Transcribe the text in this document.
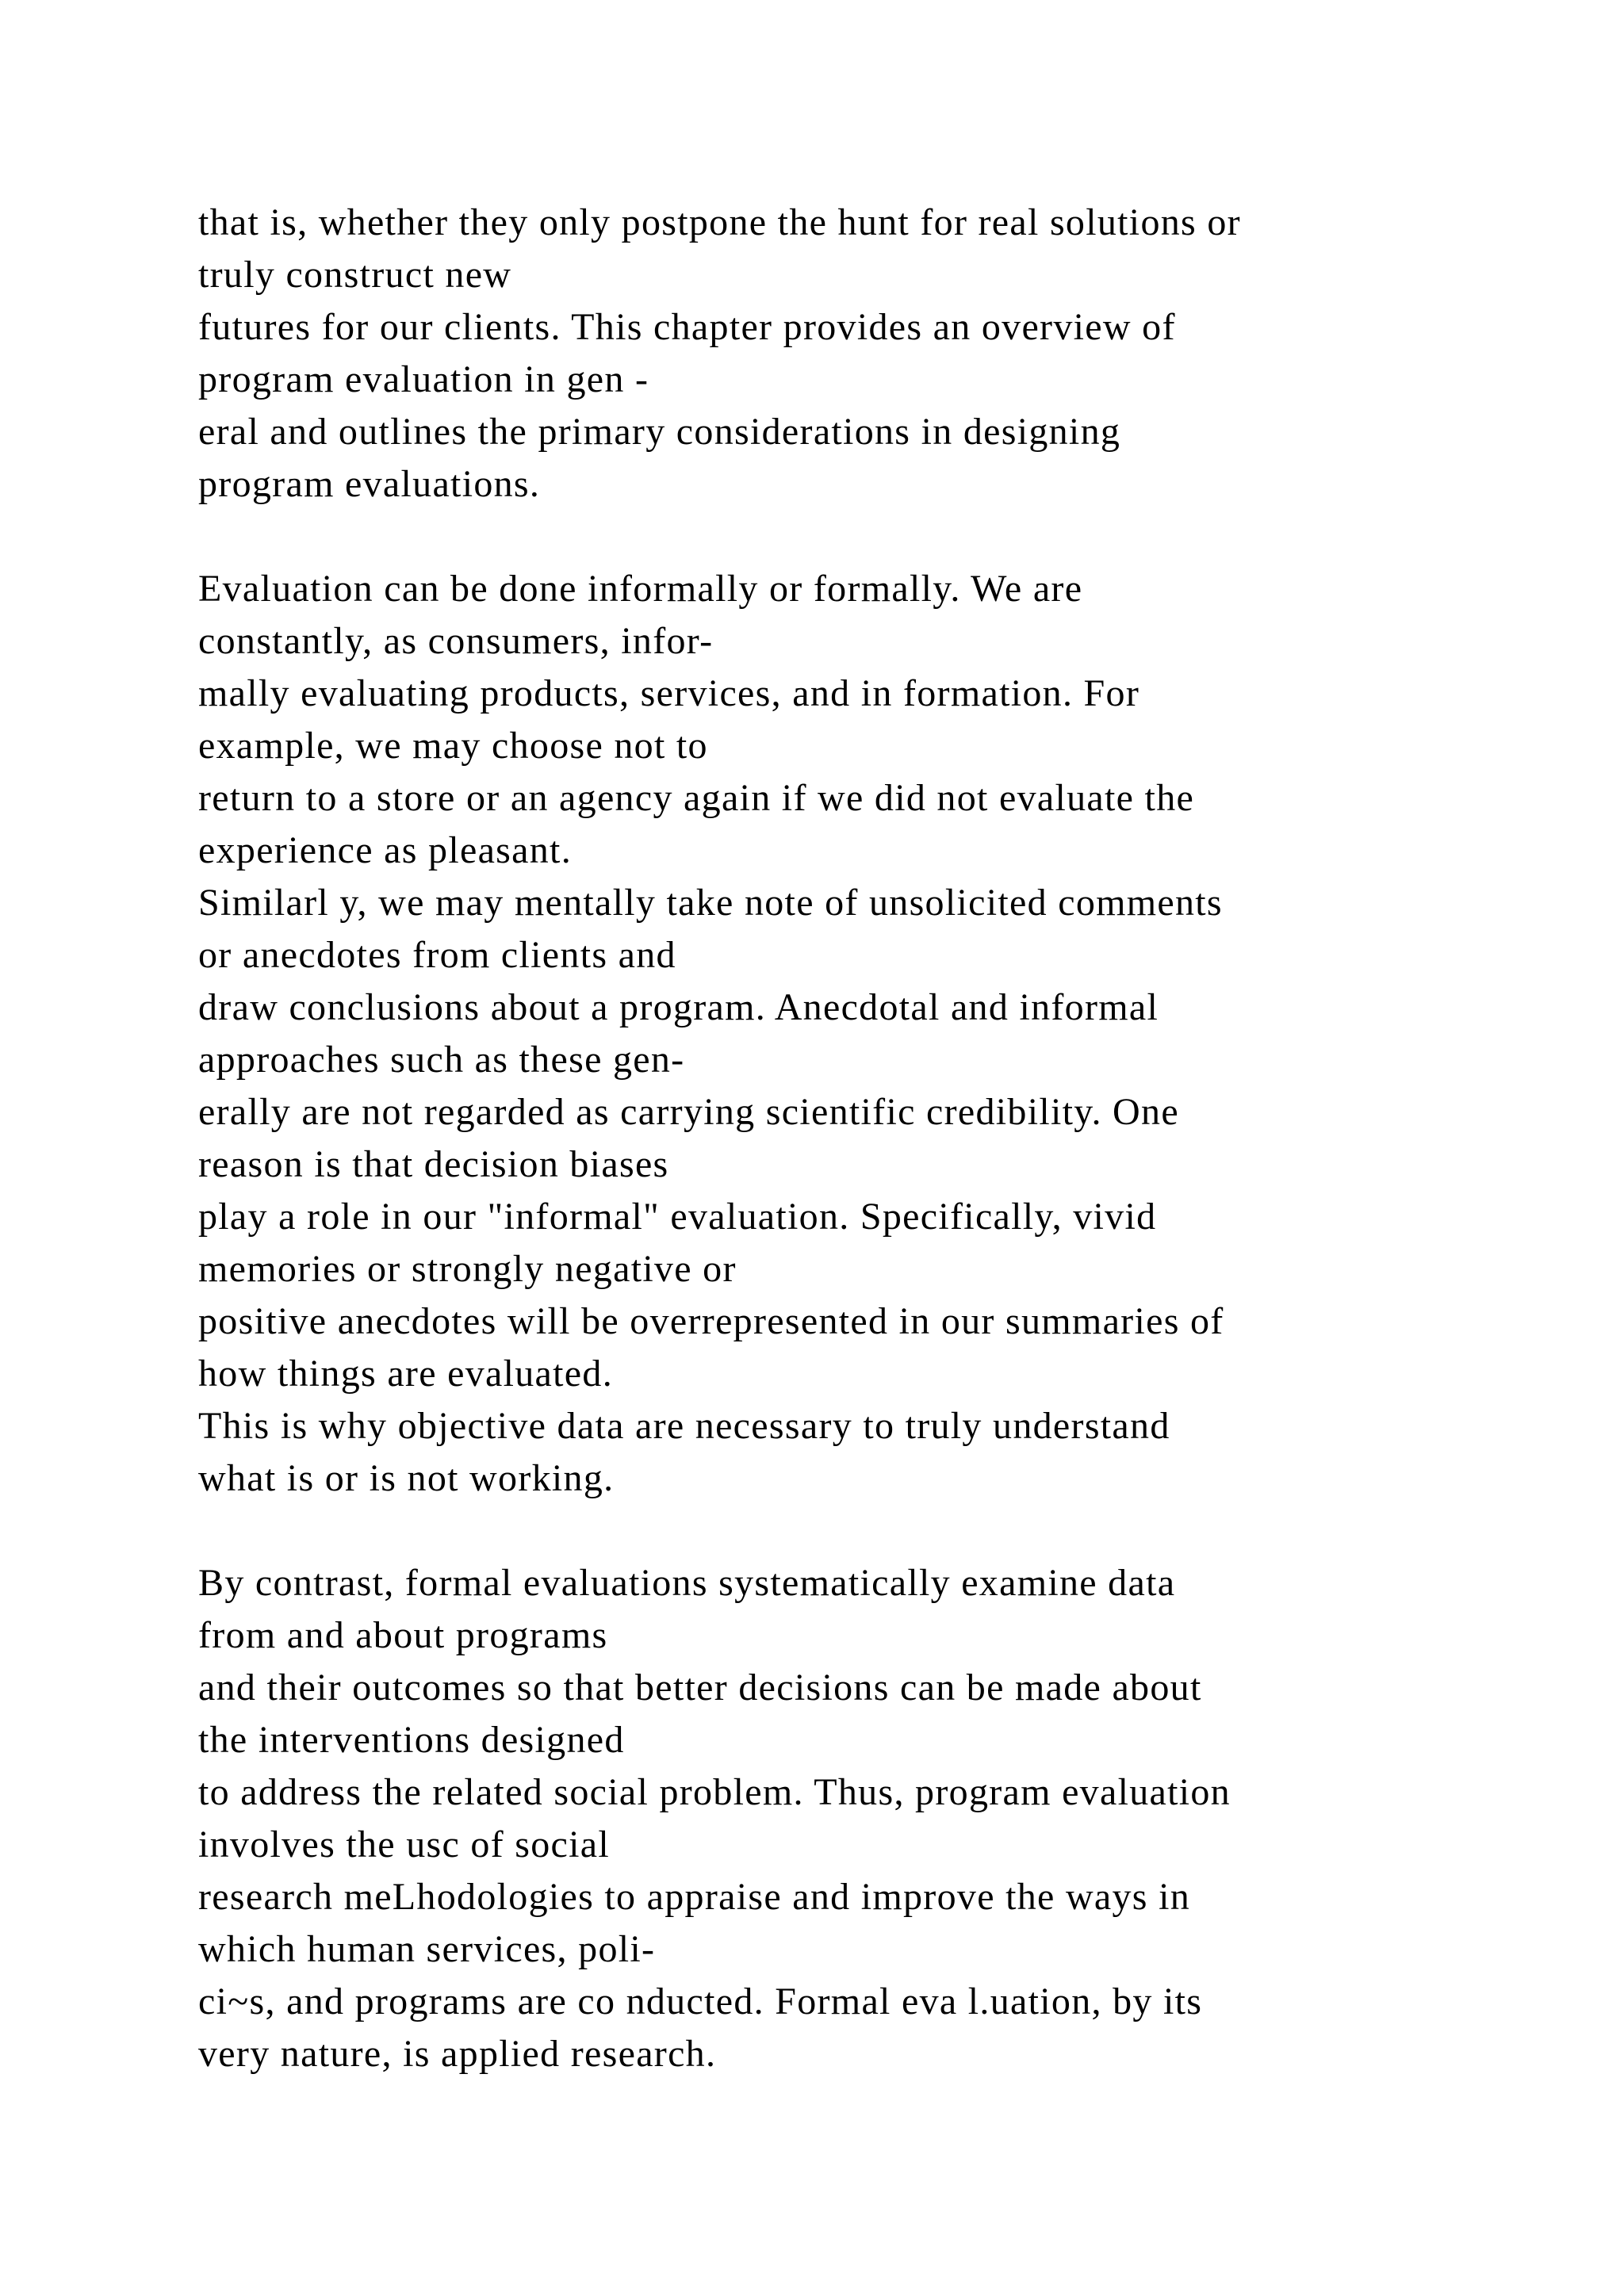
that is, whether they only postpone the hunt for real solutions or
truly construct new
futures for our clients. This chapter provides an overview of
program evaluation in gen -
eral and outlines the primary considerations in designing
program evaluations.
Evaluation can be done informally or formally. We are
constantly, as consumers, infor-
mally evaluating products, services, and in formation. For
example, we may choose not to
return to a store or an agency again if we did not evaluate the
experience as pleasant.
Similarl y, we may mentally take note of unsolicited comments
or anecdotes from clients and
draw conclusions about a program. Anecdotal and informal
approaches such as these gen-
erally are not regarded as carrying scientific credibility. One
reason is that decision biases
play a role in our "informal" evaluation. Specifically, vivid
memories or strongly negative or
positive anecdotes will be overrepresented in our summaries of
how things are evaluated.
This is why objective data are necessary to truly understand
what is or is not working.
By contrast, formal evaluations systematically examine data
from and about programs
and their outcomes so that better decisions can be made about
the interventions designed
to address the related social problem. Thus, program evaluation
involves the usc of social
research meLhodologies to appraise and improve the ways in
which human services, poli-
ci~s, and programs are co nducted. Formal eva l.uation, by its
very nature, is applied research.
